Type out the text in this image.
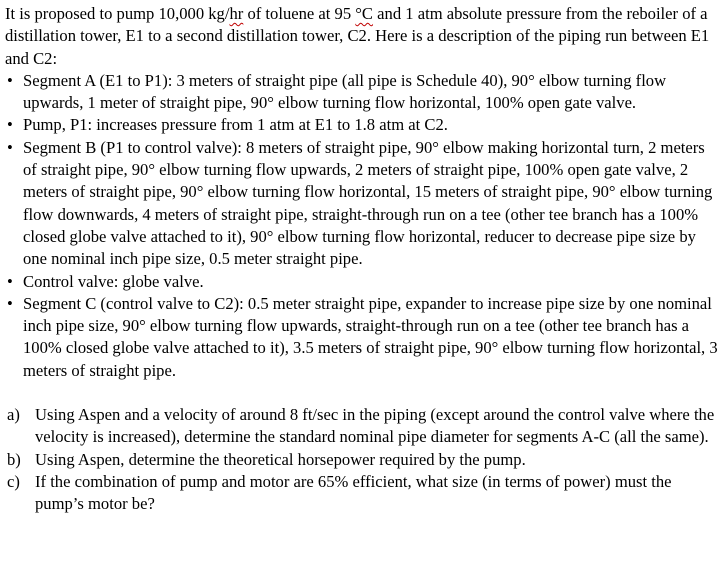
It is proposed to pump 10,000 kg/hr of toluene at 95 °C and 1 atm absolute pressure from the reboiler of a distillation tower, E1 to a second distillation tower, C2. Here is a description of the piping run between E1 and C2:

• Segment A (E1 to P1): 3 meters of straight pipe (all pipe is Schedule 40), 90° elbow turning flow upwards, 1 meter of straight pipe, 90° elbow turning flow horizontal, 100% open gate valve.
• Pump, P1: increases pressure from 1 atm at E1 to 1.8 atm at C2.
• Segment B (P1 to control valve): 8 meters of straight pipe, 90° elbow making horizontal turn, 2 meters of straight pipe, 90° elbow turning flow upwards, 2 meters of straight pipe, 100% open gate valve, 2 meters of straight pipe, 90° elbow turning flow horizontal, 15 meters of straight pipe, 90° elbow turning flow downwards, 4 meters of straight pipe, straight-through run on a tee (other tee branch has a 100% closed globe valve attached to it), 90° elbow turning flow horizontal, reducer to decrease pipe size by one nominal inch pipe size, 0.5 meter straight pipe.
• Control valve: globe valve.
• Segment C (control valve to C2): 0.5 meter straight pipe, expander to increase pipe size by one nominal inch pipe size, 90° elbow turning flow upwards, straight-through run on a tee (other tee branch has a 100% closed globe valve attached to it), 3.5 meters of straight pipe, 90° elbow turning flow horizontal, 3 meters of straight pipe.
a) Using Aspen and a velocity of around 8 ft/sec in the piping (except around the control valve where the velocity is increased), determine the standard nominal pipe diameter for segments A-C (all the same).
b) Using Aspen, determine the theoretical horsepower required by the pump.
c) If the combination of pump and motor are 65% efficient, what size (in terms of power) must the pump’s motor be?
